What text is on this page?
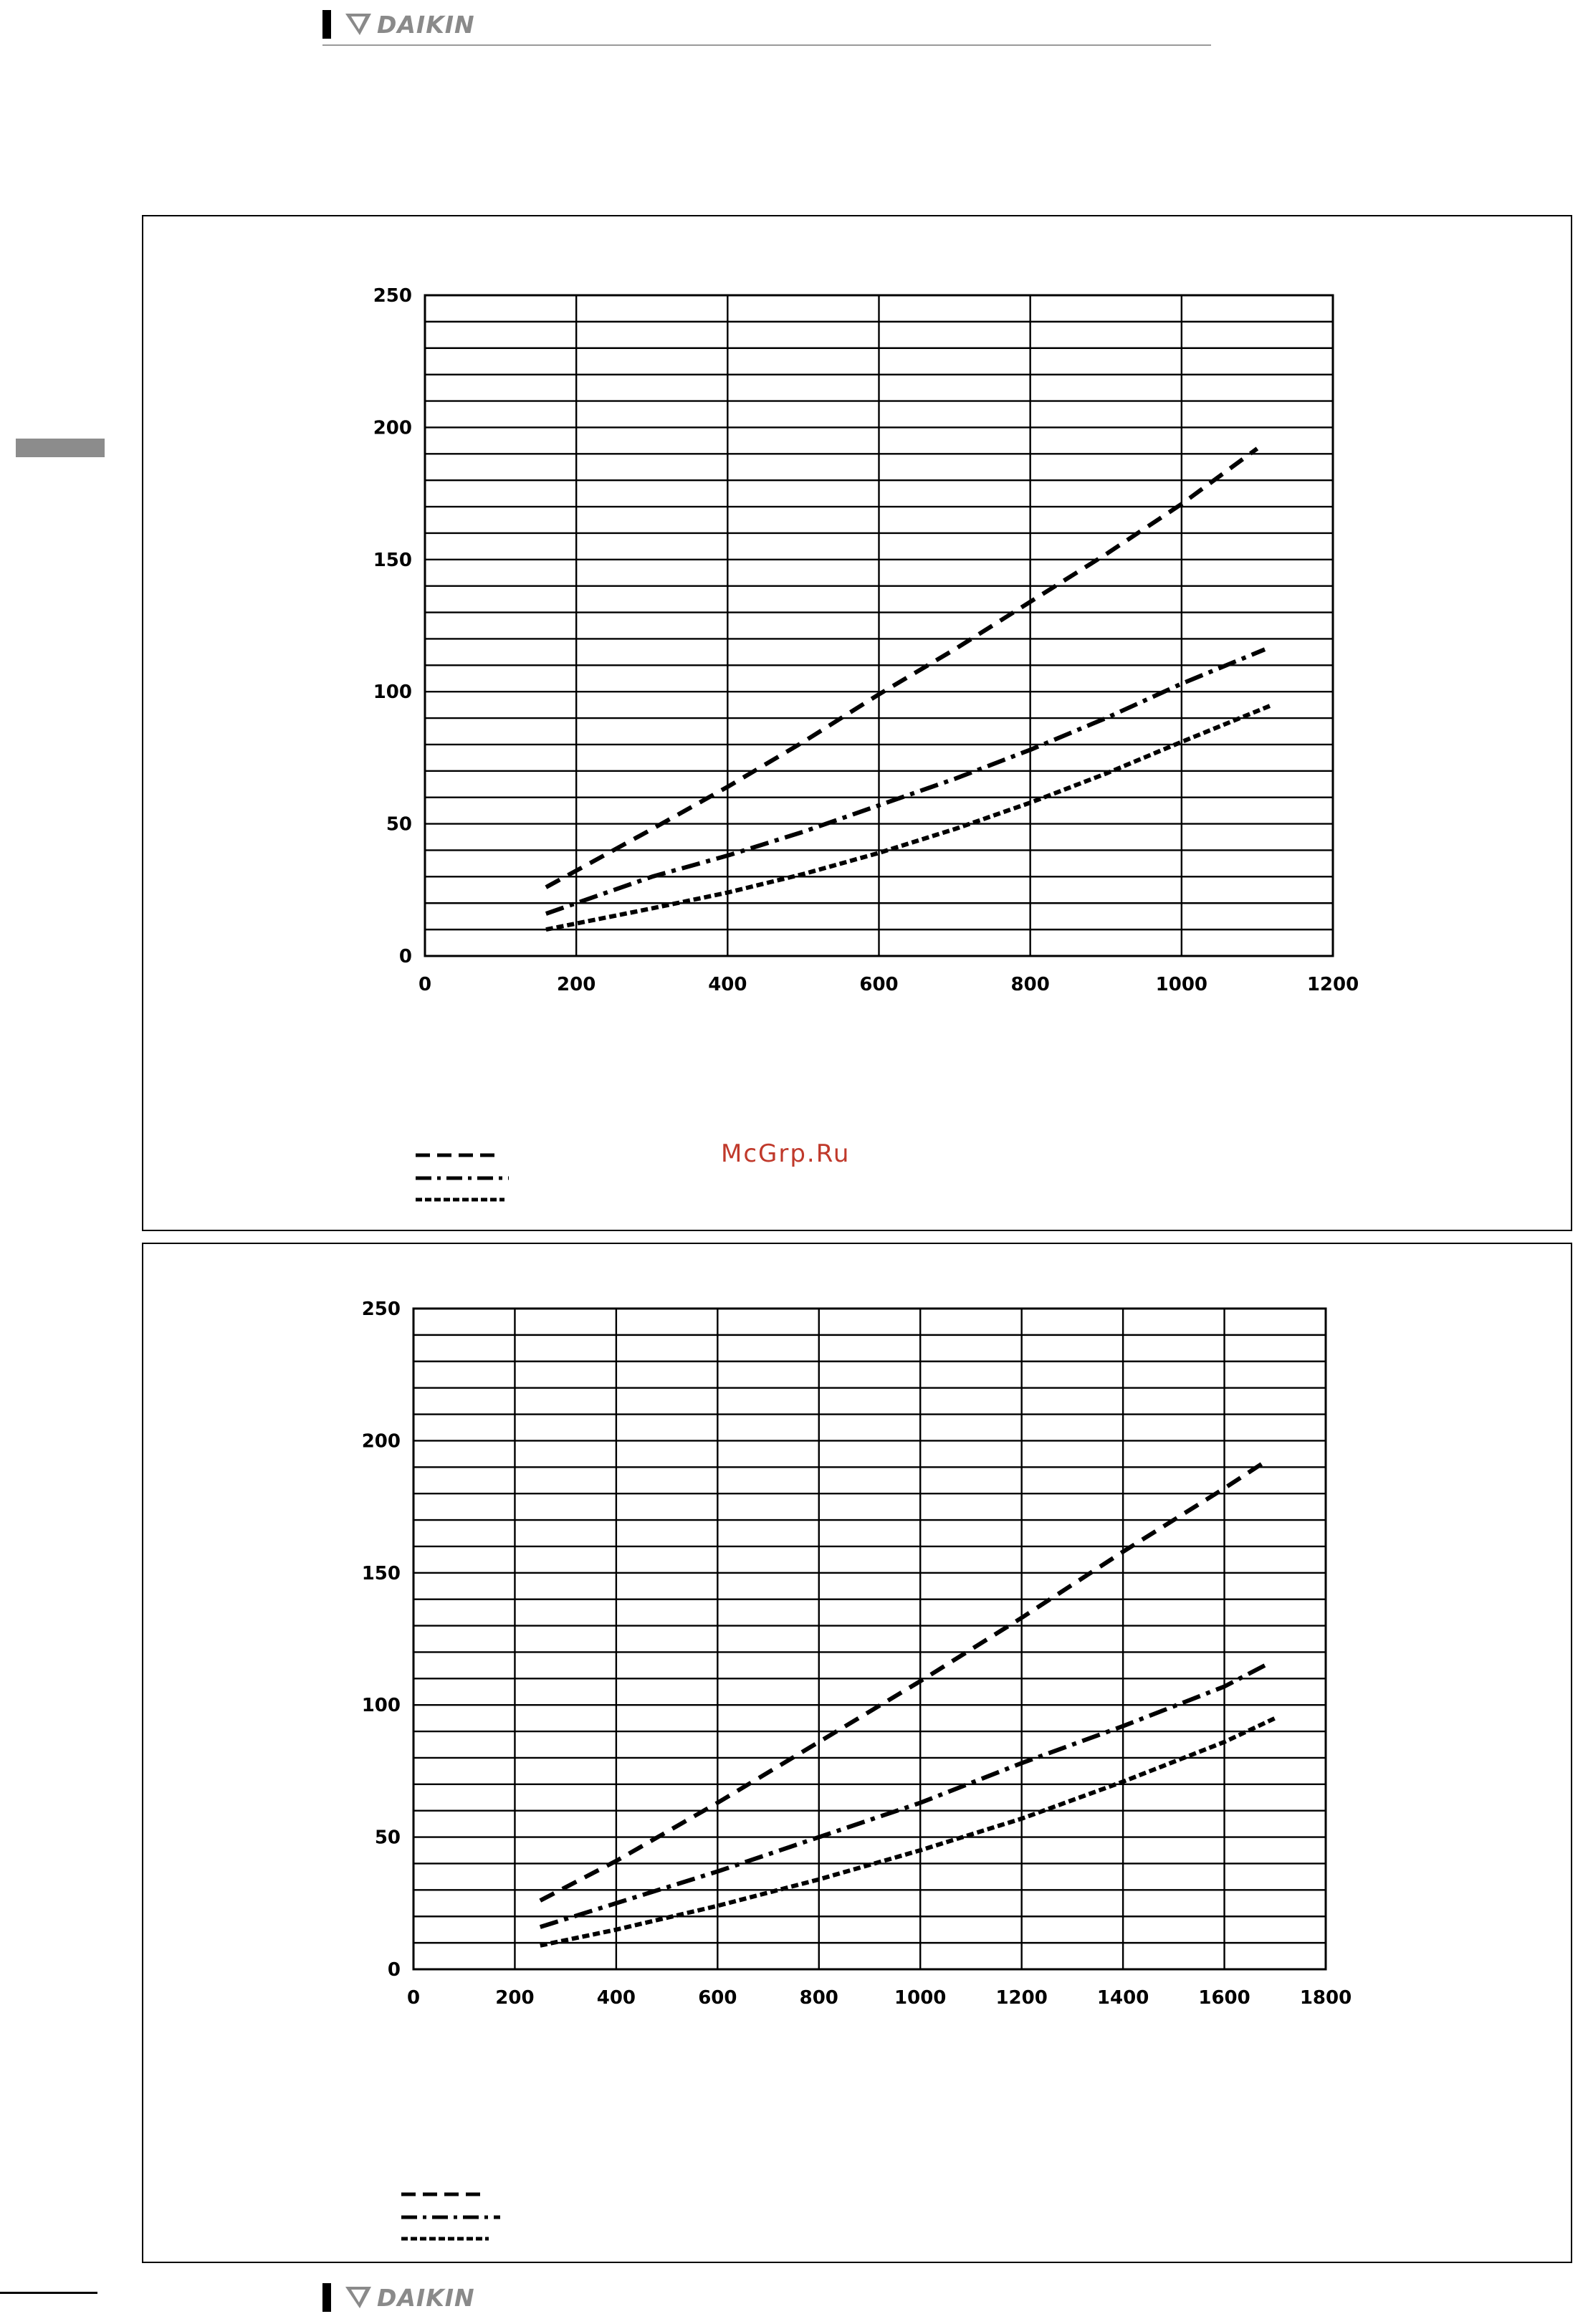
DAIKIN
0
50
100
150
200
250
0	200	400	600	800	1000	1200
0
50
100
150
200
250
0	200	400	600	800	1000	1200	1400	1600	1800
McGrp.Ru
DAIKIN
